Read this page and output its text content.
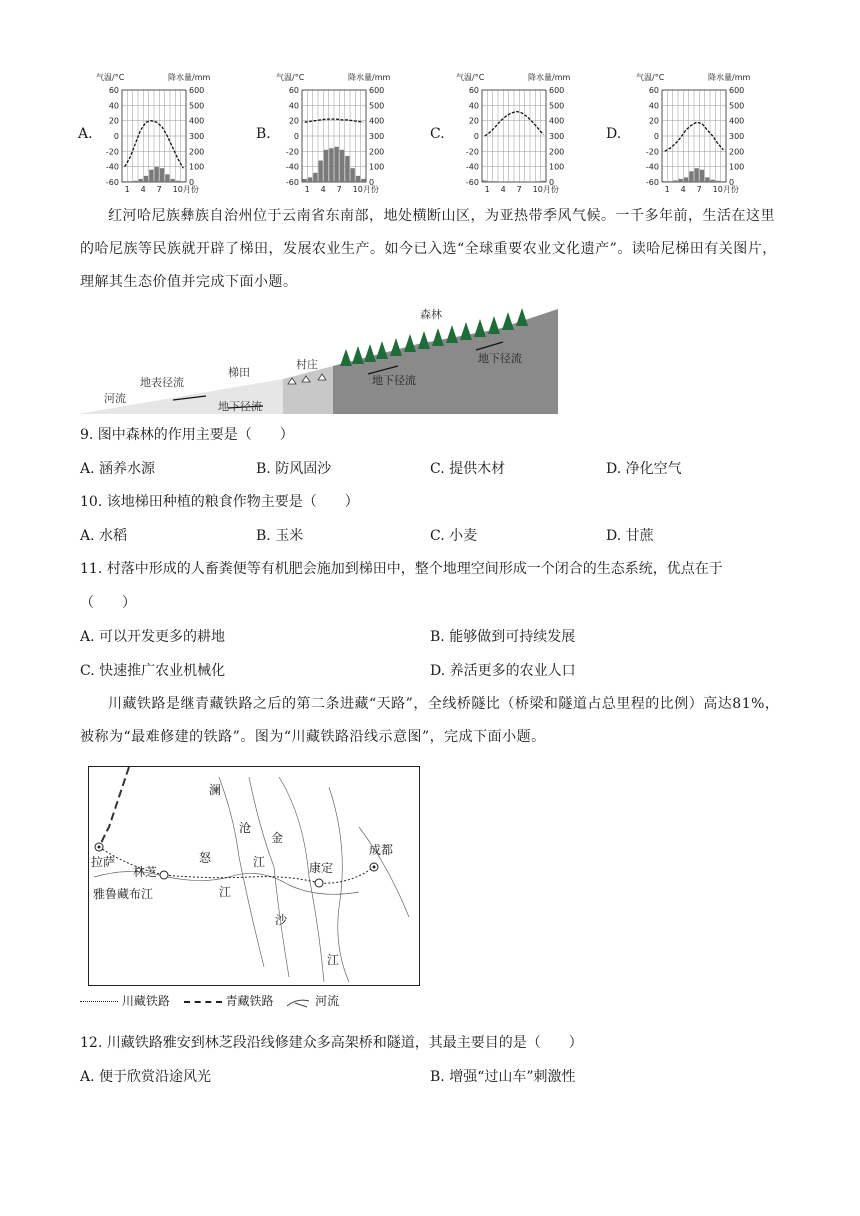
60
40
20
0
-20
-40
-60
600
500
400
300
200
100
0
1 4 7 10月份
气温/°C	降水量/mm
60
40
20
0
-20
-40
-60
600
500
400
300
200
100
0
1 4 7 10月份
气温/°C	降水量/mm
60
40
20
0
-20
-40
-60
600
500
400
300
200
100
0
1 4 7 10月份
气温/°C	降水量/mm
60
40
20
0
-20
-40
-60
600
500
400
300
200
100
0
1 4 7 10月份
气温/°C	降水量/mm
A.	B.	C.	D.
红河哈尼族彝族自治州位于云南省东南部，地处横断山区，为亚热带季风气候。一千多年前，生活在这里的哈尼族等民族就开辟了梯田，发展农业生产。如今已入选“全球重要农业文化遗产”。读哈尼梯田有关图片，理解其生态价值并完成下面小题。
森林
村庄
梯田
地表径流
河流
地下径流
地下径流
地下径流
9. 图中森林的作用主要是（　　）
A. 涵养水源	B. 防风固沙	C. 提供木材	D. 净化空气
10. 该地梯田种植的粮食作物主要是（　　）
A. 水稻	B. 玉米	C. 小麦	D. 甘蔗
11. 村落中形成的人畜粪便等有机肥会施加到梯田中，整个地理空间形成一个闭合的生态系统，优点在于
（　　）
A. 可以开发更多的耕地	B. 能够做到可持续发展
C. 快速推广农业机械化	D. 养活更多的农业人口
川藏铁路是继青藏铁路之后的第二条进藏“天路”，全线桥隧比（桥梁和隧道占总里程的比例）高达81%，被称为“最难修建的铁路”。图为“川藏铁路沿线示意图”，完成下面小题。
澜
沧
江
金
沙
江
怒
江
拉萨
林芝	康定
成都
雅鲁藏布江
川藏铁路	青藏铁路	河流
12. 川藏铁路雅安到林芝段沿线修建众多高架桥和隧道，其最主要目的是（　　）
A. 便于欣赏沿途风光	B. 增强“过山车”刺激性
